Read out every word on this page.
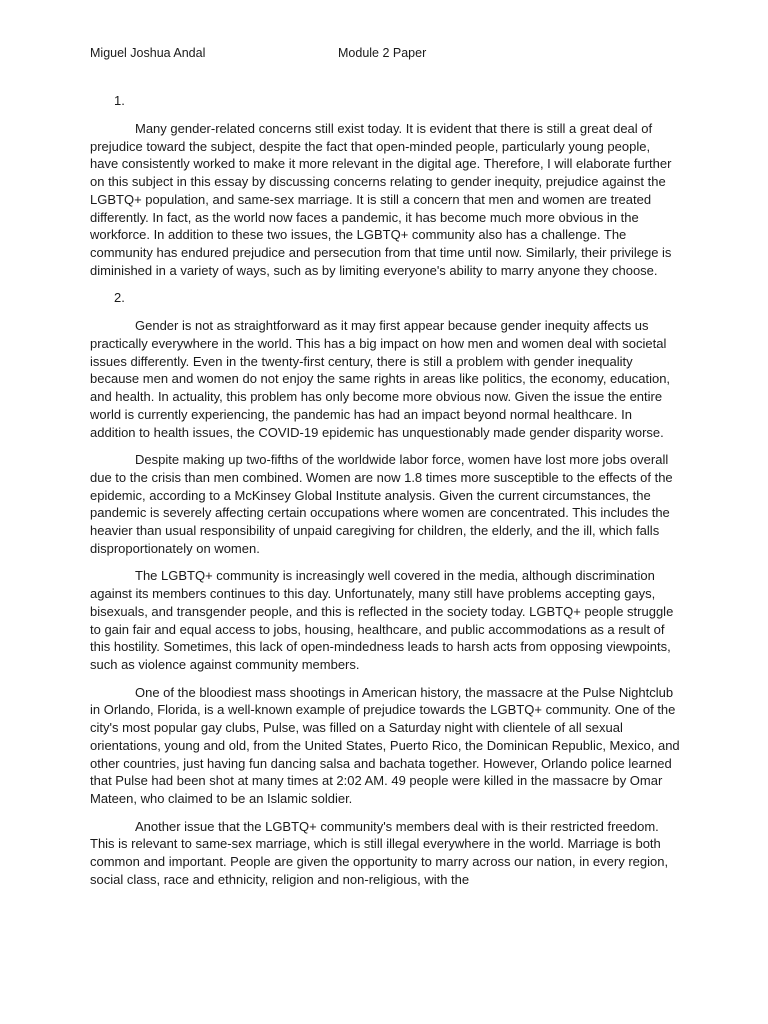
Miguel Joshua Andal	Module 2 Paper
1.

Many gender-related concerns still exist today. It is evident that there is still a great deal of prejudice toward the subject, despite the fact that open-minded people, particularly young people, have consistently worked to make it more relevant in the digital age. Therefore, I will elaborate further on this subject in this essay by discussing concerns relating to gender inequity, prejudice against the LGBTQ+ population, and same-sex marriage. It is still a concern that men and women are treated differently. In fact, as the world now faces a pandemic, it has become much more obvious in the workforce. In addition to these two issues, the LGBTQ+ community also has a challenge. The community has endured prejudice and persecution from that time until now. Similarly, their privilege is diminished in a variety of ways, such as by limiting everyone's ability to marry anyone they choose.

2.

Gender is not as straightforward as it may first appear because gender inequity affects us practically everywhere in the world. This has a big impact on how men and women deal with societal issues differently. Even in the twenty-first century, there is still a problem with gender inequality because men and women do not enjoy the same rights in areas like politics, the economy, education, and health. In actuality, this problem has only become more obvious now. Given the issue the entire world is currently experiencing, the pandemic has had an impact beyond normal healthcare. In addition to health issues, the COVID-19 epidemic has unquestionably made gender disparity worse.

Despite making up two-fifths of the worldwide labor force, women have lost more jobs overall due to the crisis than men combined. Women are now 1.8 times more susceptible to the effects of the epidemic, according to a McKinsey Global Institute analysis. Given the current circumstances, the pandemic is severely affecting certain occupations where women are concentrated. This includes the heavier than usual responsibility of unpaid caregiving for children, the elderly, and the ill, which falls disproportionately on women.

The LGBTQ+ community is increasingly well covered in the media, although discrimination against its members continues to this day. Unfortunately, many still have problems accepting gays, bisexuals, and transgender people, and this is reflected in the society today. LGBTQ+ people struggle to gain fair and equal access to jobs, housing, healthcare, and public accommodations as a result of this hostility. Sometimes, this lack of open-mindedness leads to harsh acts from opposing viewpoints, such as violence against community members.

One of the bloodiest mass shootings in American history, the massacre at the Pulse Nightclub in Orlando, Florida, is a well-known example of prejudice towards the LGBTQ+ community. One of the city's most popular gay clubs, Pulse, was filled on a Saturday night with clientele of all sexual orientations, young and old, from the United States, Puerto Rico, the Dominican Republic, Mexico, and other countries, just having fun dancing salsa and bachata together. However, Orlando police learned that Pulse had been shot at many times at 2:02 AM. 49 people were killed in the massacre by Omar Mateen, who claimed to be an Islamic soldier.

Another issue that the LGBTQ+ community's members deal with is their restricted freedom. This is relevant to same-sex marriage, which is still illegal everywhere in the world. Marriage is both common and important. People are given the opportunity to marry across our nation, in every region, social class, race and ethnicity, religion and non-religious, with the
